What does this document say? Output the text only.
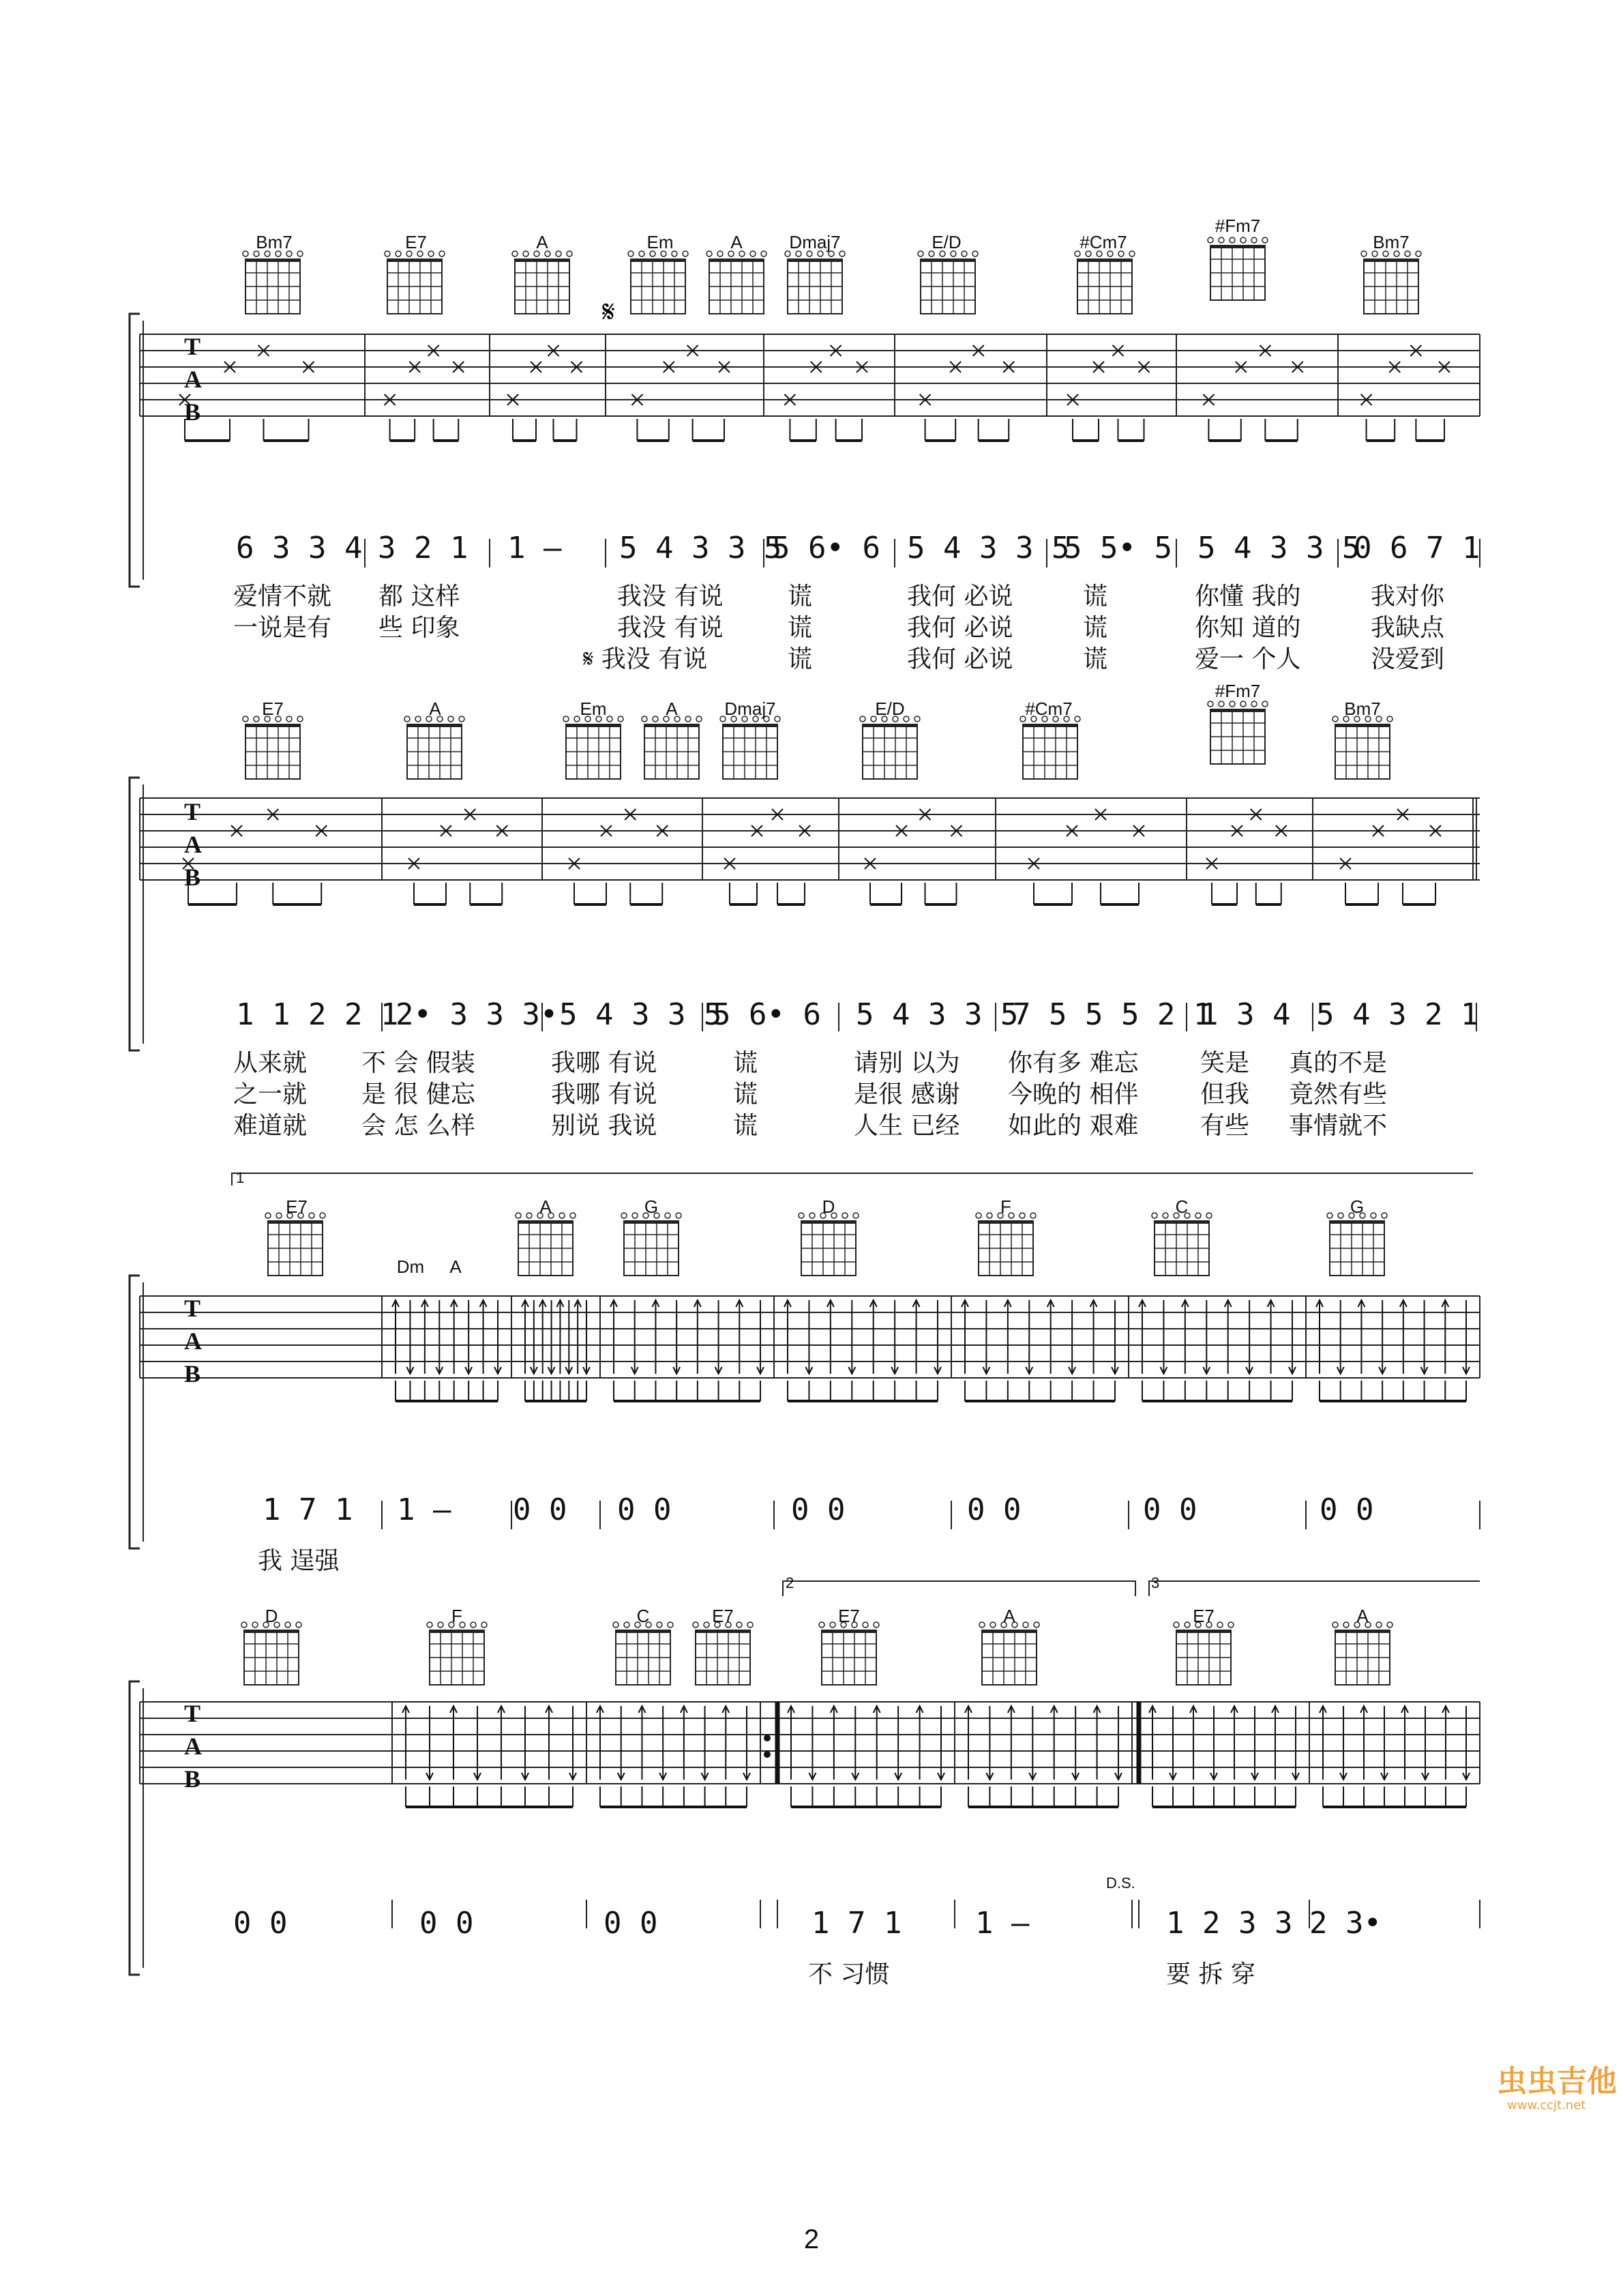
Bm7	E7	A	Em	A	Dmaj7	E/D	#Cm7
#Fm7
Bm7
E7	A	Em	A	Dmaj7	E/D	#Cm7
#Fm7
Bm7
E7	A
Dm A
G	D	F	C	G
D	F	C	E7	E7	A	E7	A
T
A
B
T
A
B
T
A
B
T
A
B
𝄋
D.S.
1
2	3
6 3 3 4 3 2 1 1 – 5 4 3 3 5
5 6• 6 5 4 3 3 5
5 5• 5 5 4 3 3 5
0 6 7 1
爱情不就 都 这样	我没 有说	谎	我何 必说	谎	你懂 我的	我对你
一说是有 些 印象	我没 有说	谎	我何 必说	谎	你知 道的	我缺点
𝄋 我没 有说	谎	我何 必说	谎	爱一 个人	没爱到
1 1 2 2 1
2• 3 3 3• 5 4 3 3 5
5 6• 6 5 4 3 3 5
7 5 5 5 2 1
1 3 4 5 4 3 2 1
从来就 不 会 假装	我哪 有说	谎	请别 以为 你有多 难忘	笑是 真的不是
之一就 是 很 健忘	我哪 有说	谎	是很 感谢 今晚的 相伴	但我 竟然有些
难道就 会 怎 么样	别说 我说	谎	人生 已经 如此的 艰难	有些 事情就不
1 7 1 1 – 0 0 0 0	0 0	0 0	0 0	0 0
我 逞强
0 0	0 0	0 0	1 7 1 1 –	1 2 3 3 2 3•
不 习惯	要 拆 穿
2
虫虫吉他
www.ccjt.net
